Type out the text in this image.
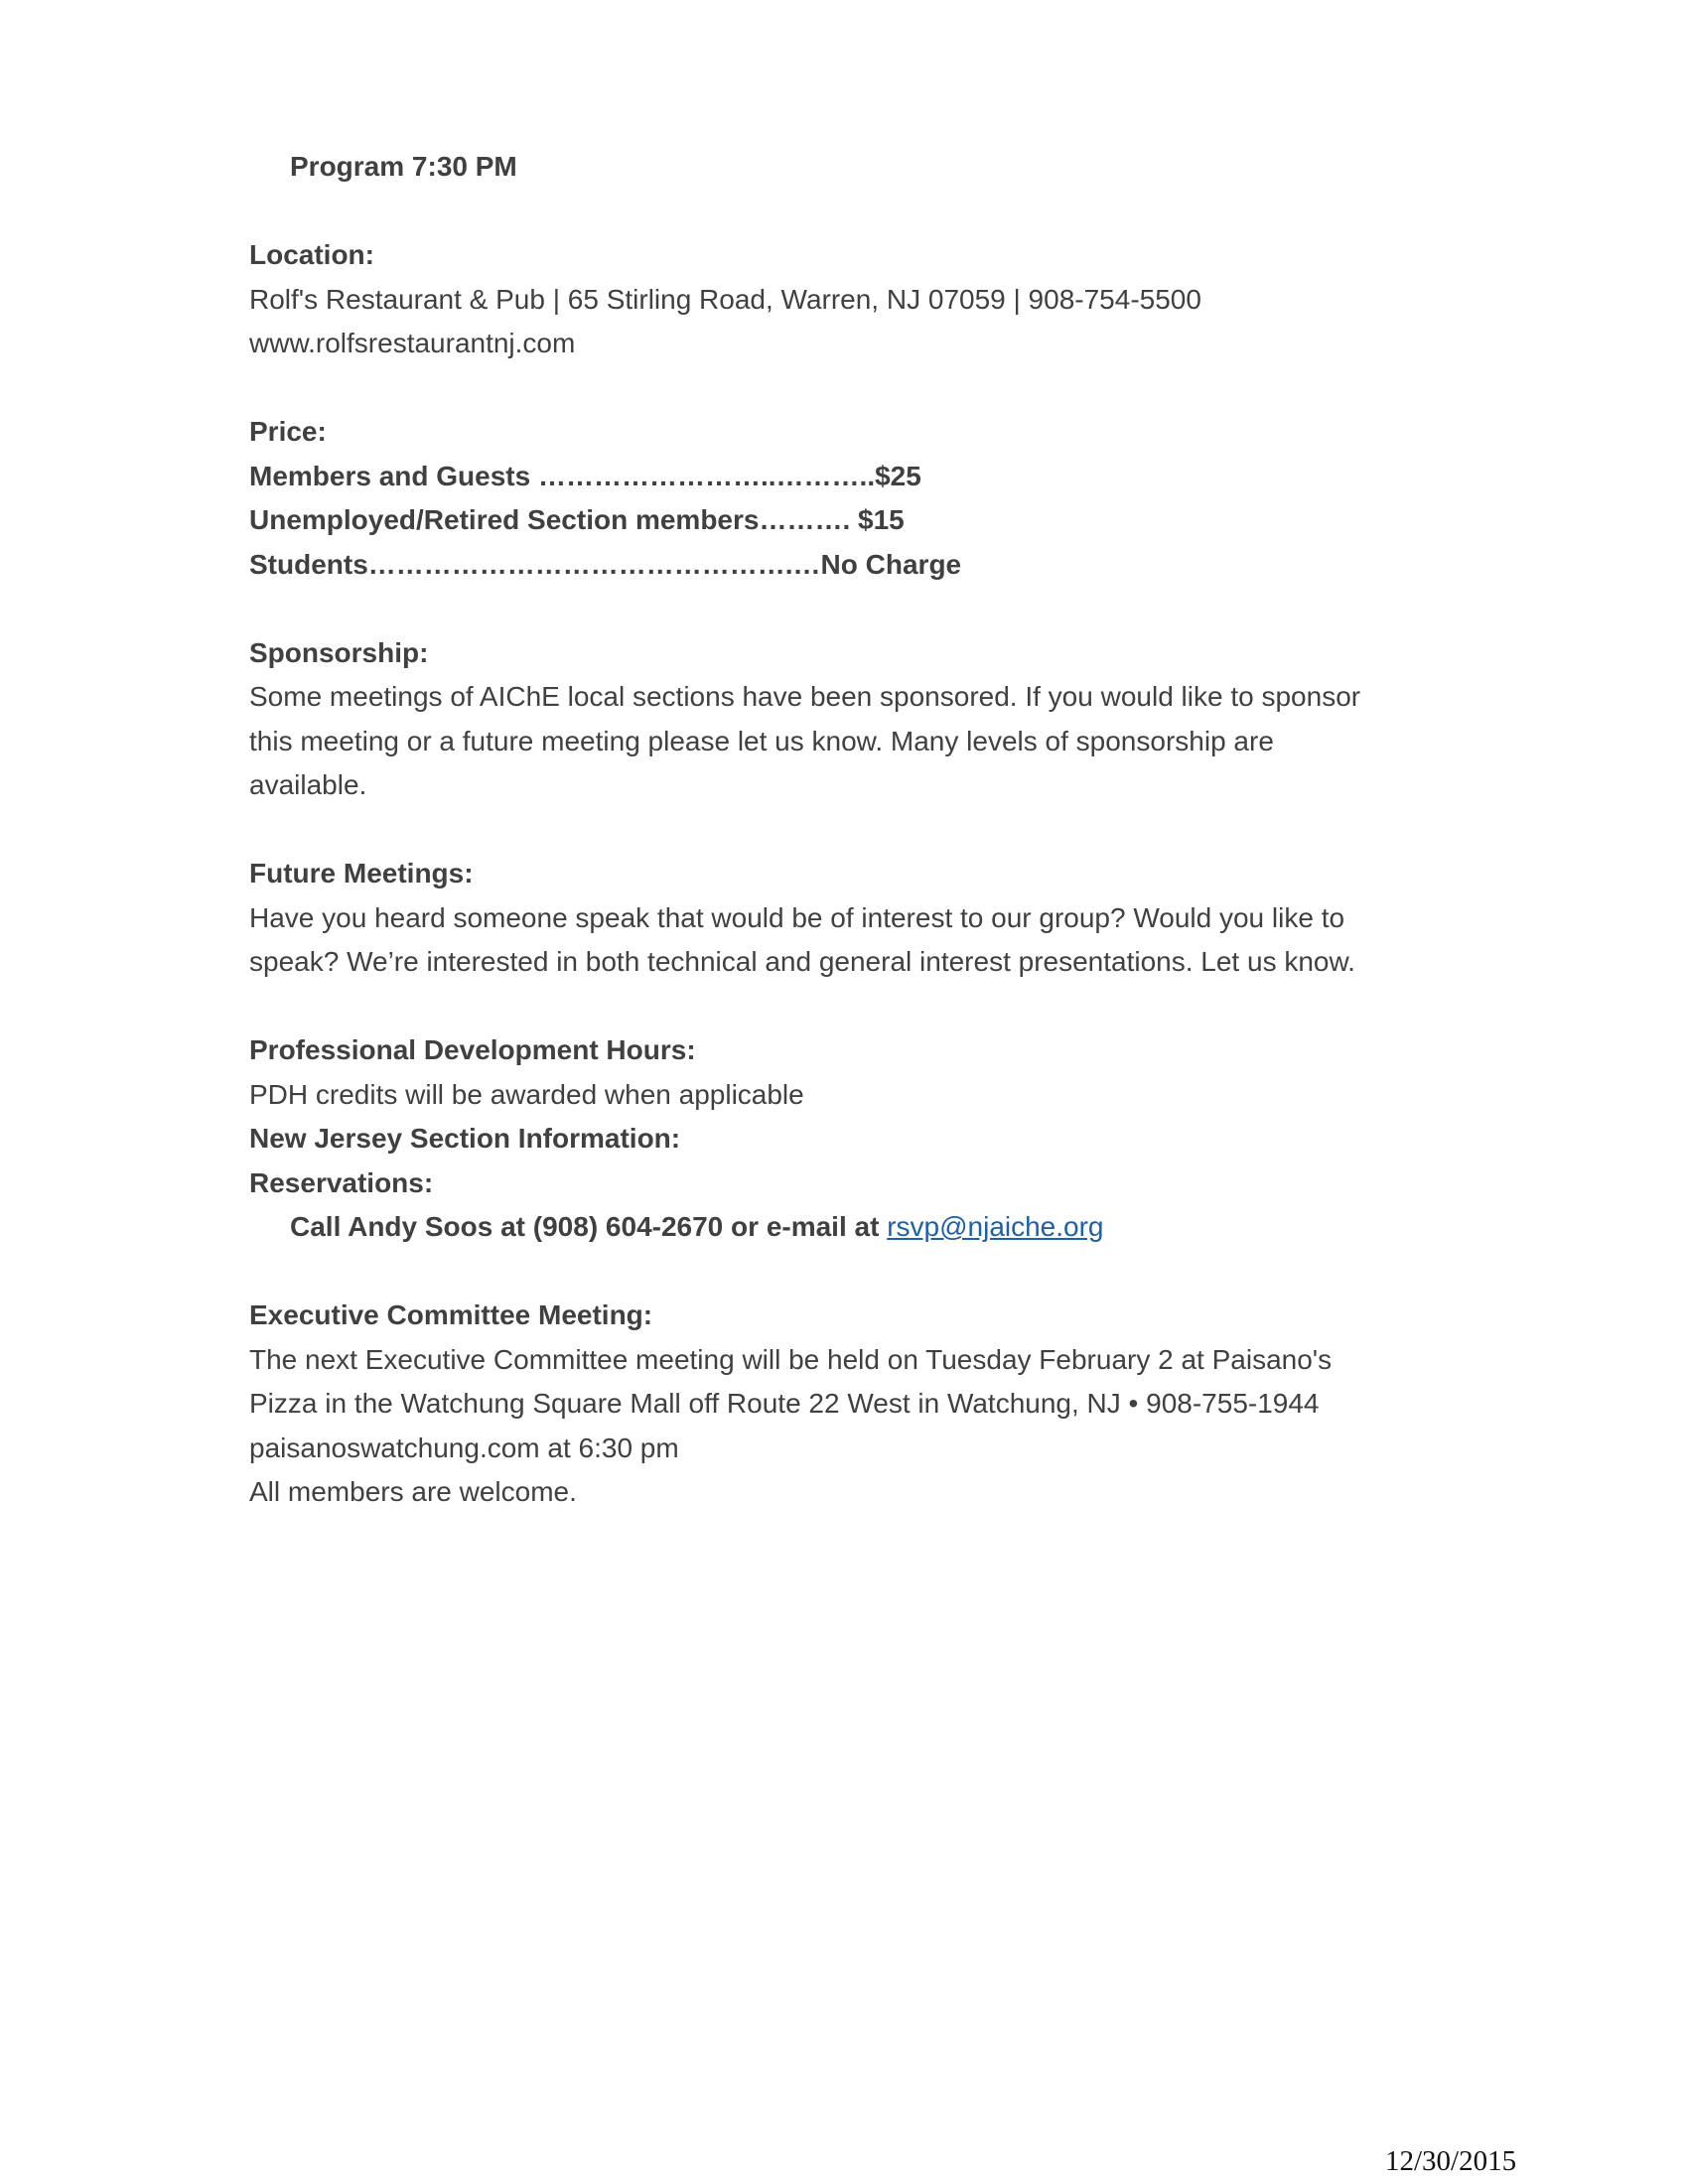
Program 7:30 PM
Location:
Rolf's Restaurant & Pub | 65 Stirling Road, Warren, NJ 07059 | 908-754-5500
www.rolfsrestaurantnj.com
Price:
Members and Guests ……………………..………..$25
Unemployed/Retired Section members………. $15
Students……………………………………….…No Charge
Sponsorship:
Some meetings of AIChE local sections have been sponsored. If you would like to sponsor
this meeting or a future meeting please let us know. Many levels of sponsorship are
available.
Future Meetings:
Have you heard someone speak that would be of interest to our group? Would you like to
speak? We’re interested in both technical and general interest presentations. Let us know.
Professional Development Hours:
PDH credits will be awarded when applicable
New Jersey Section Information:
Reservations:
Call Andy Soos at (908) 604-2670 or e-mail at rsvp@njaiche.org
Executive Committee Meeting:
The next Executive Committee meeting will be held on Tuesday February 2 at Paisano's
Pizza in the Watchung Square Mall off Route 22 West in Watchung, NJ • 908-755-1944
paisanoswatchung.com at 6:30 pm
All members are welcome.
12/30/2015
